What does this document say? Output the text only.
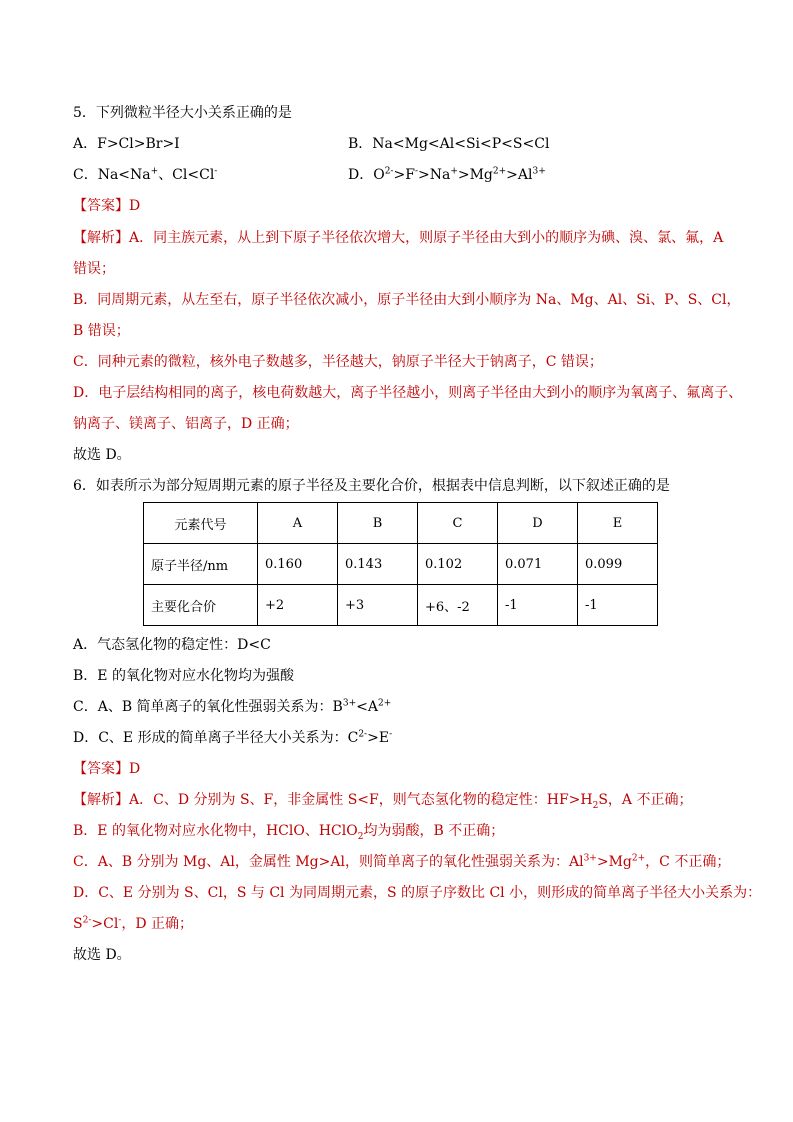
5．下列微粒半径大小关系正确的是
A．F>Cl>Br>I	B．Na<Mg<Al<Si<P<S<Cl
C．Na<Na+、Cl<Cl-	D．$O^{2-}>F^->Na^+>Mg^{2+}>Al^{3+}$
【答案】D
【解析】A．同主族元素，从上到下原子半径依次增大，则原子半径由大到小的顺序为碘、溴、氯、氟，A
错误；
B．同周期元素，从左至右，原子半径依次减小，原子半径由大到小顺序为 Na、Mg、Al、Si、P、S、Cl，
B 错误；
C．同种元素的微粒，核外电子数越多，半径越大，钠原子半径大于钠离子，C 错误；
D．电子层结构相同的离子，核电荷数越大，离子半径越小，则离子半径由大到小的顺序为氧离子、氟离子、
钠离子、镁离子、铝离子，D 正确；
故选 D。
6．如表所示为部分短周期元素的原子半径及主要化合价，根据表中信息判断，以下叙述正确的是
元素代号	A	B	C	D	E
原子半径/nm	0.160	0.143	0.102	0.071	0.099
主要化合价	+2	+3	+6、-2	-1	-1
A．气态氢化物的稳定性：D<C
B．E 的氧化物对应水化物均为强酸
C．A、B 简单离子的氧化性强弱关系为：$B^{3+}<A^{2+}$
D．C、E 形成的简单离子半径大小关系为：$C^{2-}>E^-$
【答案】D
【解析】A．C、D 分别为 S、F，非金属性 S<F，则气态氢化物的稳定性：$HF>H_2S$，A 不正确；
B．E 的氧化物对应水化物中，HClO、HClO$_2$均为弱酸，B 不正确；
C．A、B 分别为 Mg、Al，金属性 Mg>Al，则简单离子的氧化性强弱关系为：$Al^{3+}>Mg^{2+}$，C 不正确；
D．C、E 分别为 S、Cl，S 与 Cl 为同周期元素，S 的原子序数比 Cl 小，则形成的简单离子半径大小关系为：
$S^{2-}>Cl^-$，D 正确；
故选 D。
